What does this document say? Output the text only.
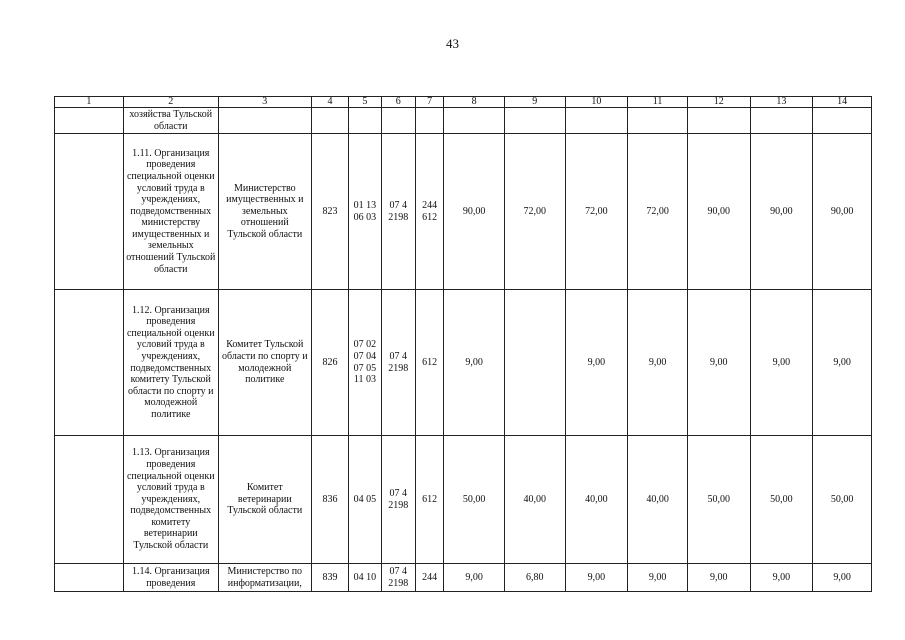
43
1	2	3	4	5	6	7	8	9	10	11	12	13	14
	хозяйства Тульской области												
	1.11. Организация проведения специальной оценки условий труда в учреждениях, подведомственных министерству имущественных и земельных отношений Тульской области	Министерство имущественных и земельных отношений Тульской области	823	01 13 06 03	07 4 2198	244 612	90,00	72,00	72,00	72,00	90,00	90,00	90,00
	1.12. Организация проведения специальной оценки условий труда в учреждениях, подведомственных комитету Тульской области по спорту и молодежной политике	Комитет Тульской области по спорту и молодежной политике	826	07 02 07 04 07 05 11 03	07 4 2198	612	9,00		9,00	9,00	9,00	9,00	9,00
	1.13. Организация проведения специальной оценки условий труда в учреждениях, подведомственных комитету ветеринарии Тульской области	Комитет ветеринарии Тульской области	836	04 05	07 4 2198	612	50,00	40,00	40,00	40,00	50,00	50,00	50,00
	1.14. Организация проведения	Министерство по информатизации,	839	04 10	07 4 2198	244	9,00	6,80	9,00	9,00	9,00	9,00	9,00
